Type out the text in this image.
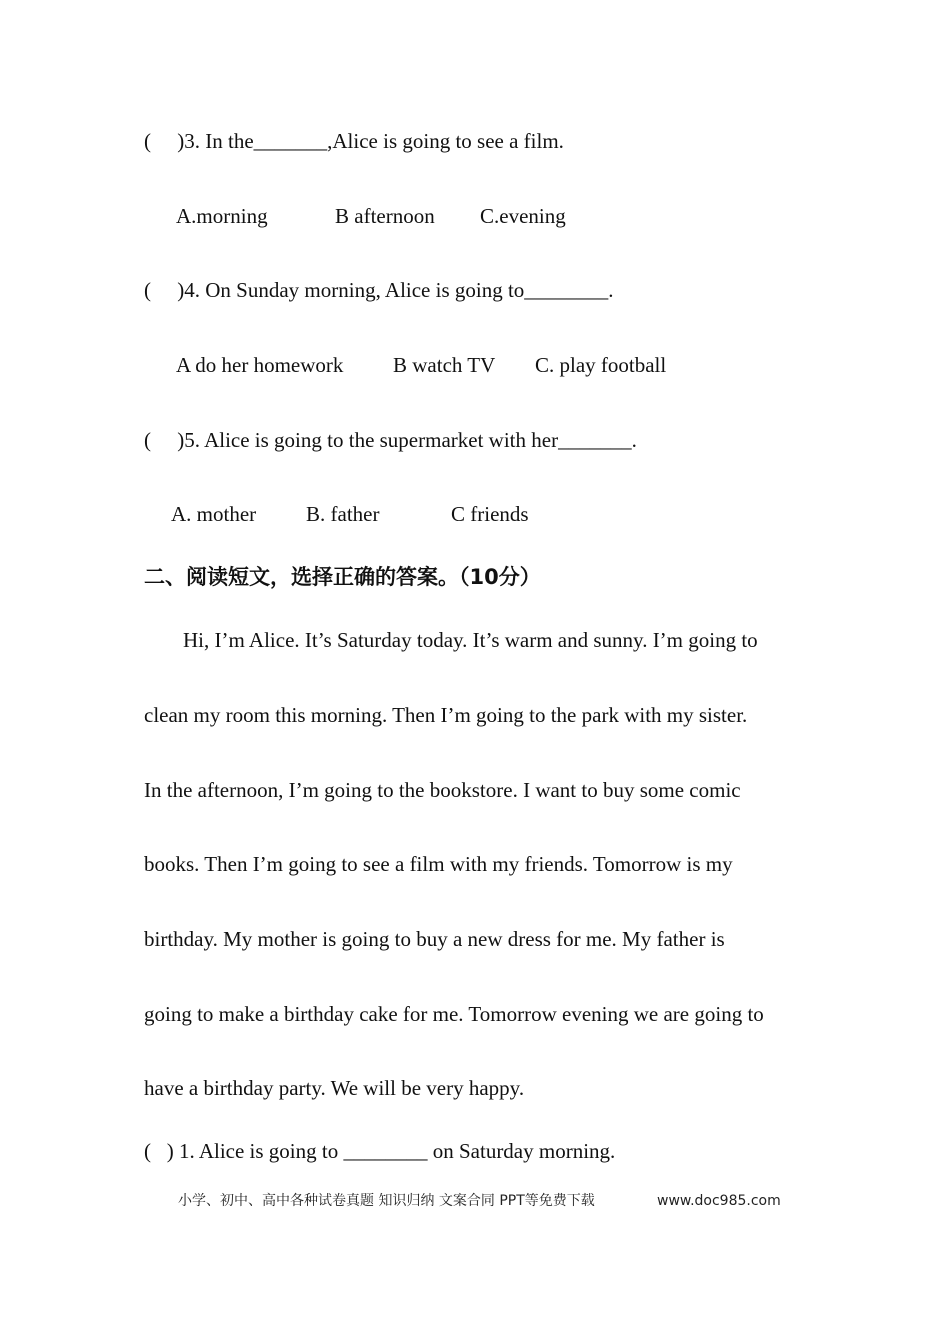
(     )3. In the_______,Alice is going to see a film.
A.morning	B afternoon C.evening
(     )4. On Sunday morning, Alice is going to________.
A do her homework B watch TV C. play football
(     )5. Alice is going to the supermarket with her_______.
A. mother B. father	C friends
二、阅读短文，选择正确的答案。（10分）
Hi, I’m Alice. It’s Saturday today. It’s warm and sunny. I’m going to
clean my room this morning. Then I’m going to the park with my sister.
In the afternoon, I’m going to the bookstore. I want to buy some comic
books. Then I’m going to see a film with my friends. Tomorrow is my
birthday. My mother is going to buy a new dress for me. My father is
going to make a birthday cake for me. Tomorrow evening we are going to
have a birthday party. We will be very happy.
(   ) 1. Alice is going to ________ on Saturday morning.
小学、初中、高中各种试卷真题 知识归纳 文案合同 PPT等免费下载	www.doc985.com
